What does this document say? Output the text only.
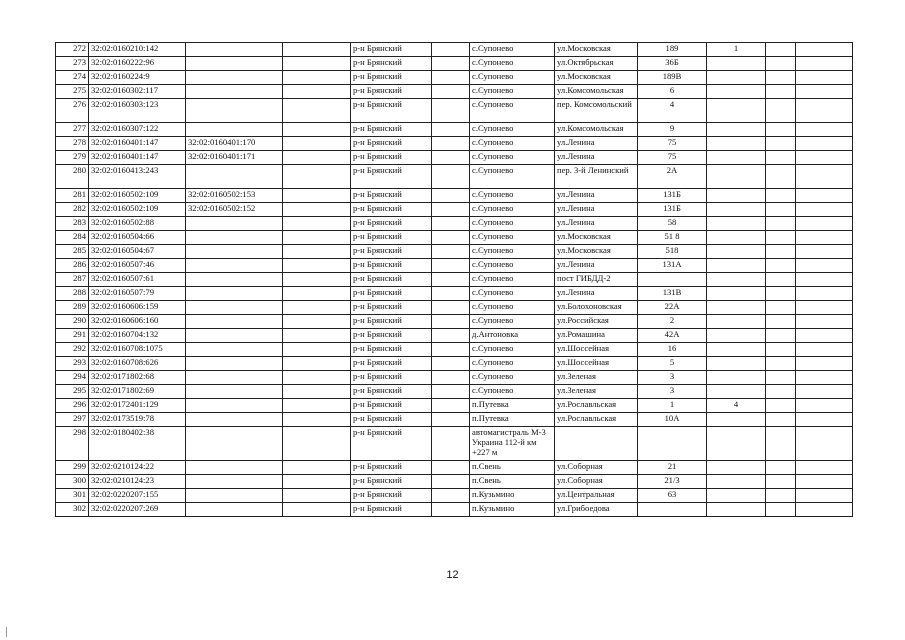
272	32:02:0160210:142			р-н Брянский		с.Супонево	ул.Московская	189	1		
273	32:02:0160222:96			р-н Брянский		с.Супонево	ул.Октябрьская	36Б			
274	32:02:0160224:9			р-н Брянский		с.Супонево	ул.Московская	189В			
275	32:02:0160302:117			р-н Брянский		с.Супонево	ул.Комсомольская	6			
276	32:02:0160303:123			р-н Брянский		с.Супонево	пер. Комсомольский	4			
277	32:02:0160307:122			р-н Брянский		с.Супонево	ул.Комсомольская	9			
278	32:02:0160401:147	32:02:0160401:170		р-н Брянский		с.Супонево	ул.Ленина	75			
279	32:02:0160401:147	32:02:0160401:171		р-н Брянский		с.Супонево	ул.Ленина	75			
280	32:02:0160413:243			р-н Брянский		с.Супонево	пер. 3-й Ленинский	2А			
281	32:02:0160502:109	32:02:0160502:153		р-н Брянский		с.Супонево	ул.Ленина	131Б			
282	32:02:0160502:109	32:02:0160502:152		р-н Брянский		с.Супонево	ул.Ленина	131Б			
283	32:02:0160502:88			р-н Брянский		с.Супонево	ул.Ленина	58			
284	32:02:0160504:66			р-н Брянский		с.Супонево	ул.Московская	51 8			
285	32:02:0160504:67			р-н Брянский		с.Супонево	ул.Московская	518			
286	32:02:0160507:46			р-н Брянский		с.Супонево	ул.Ленина	131А			
287	32:02:0160507:61			р-н Брянский		с.Супонево	пост ГИБДД-2				
288	32:02:0160507:79			р-н Брянский		с.Супонево	ул.Ленина	131В			
289	32:02:0160606:159			р-н Брянский		с.Супонево	ул.Болохоновская	22А			
290	32:02:0160606:160			р-н Брянский		с.Супонево	ул.Российская	2			
291	32:02:0160704:132			р-н Брянский		д.Антоновка	ул.Ромашина	42А			
292	32:02:0160708:1075			р-н Брянский		с.Супонево	ул.Шоссейная	16			
293	32:02:0160708:626			р-н Брянский		с.Супонево	ул.Шоссейная	5			
294	32:02:0171802:68			р-н Брянский		с.Супонево	ул.Зеленая	3			
295	32:02:0171802:69			р-н Брянский		с.Супонево	ул.Зеленая	3			
296	32:02:0172401:129			р-н Брянский		п.Путевка	ул.Рославльская	1	4		
297	32:02:0173519:78			р-н Брянский		п.Путевка	ул.Рославльская	10А			
298	32:02:0180402:38			р-н Брянский		автомагистраль М-3 Украина 112-й км +227 м					
299	32:02:0210124:22			р-н Брянский		п.Свень	ул.Соборная	21			
300	32:02:0210124:23			р-н Брянский		п.Свень	ул.Соборная	21/3			
301	32:02:0220207:155			р-н Брянский		п.Кузьмино	ул.Центральная	63			
302	32:02:0220207:269			р-н Брянский		п.Кузьмино	ул.Грибоедова				
12
